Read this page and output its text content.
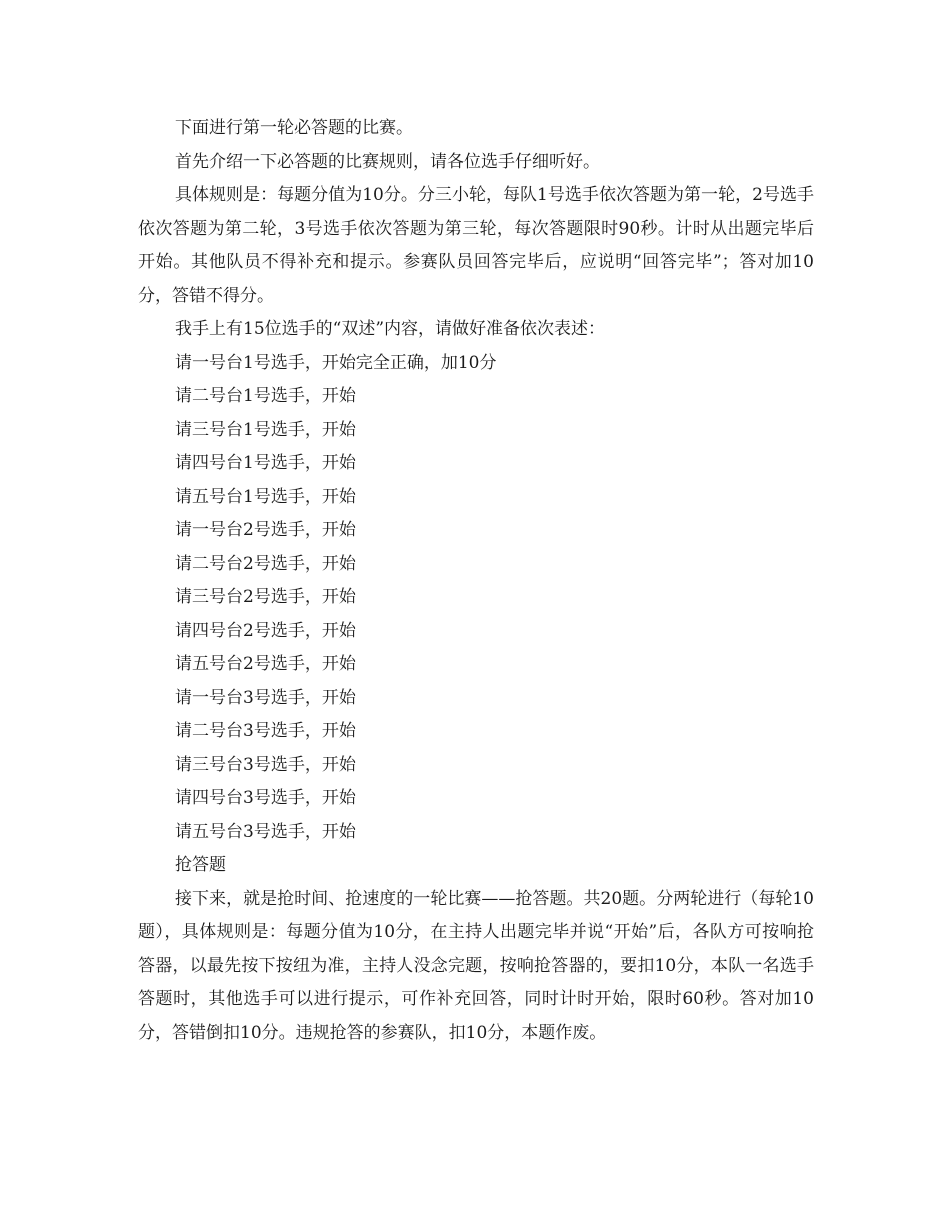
下面进行第一轮必答题的比赛。

首先介绍一下必答题的比赛规则，请各位选手仔细听好。

具体规则是：每题分值为10分。分三小轮，每队1号选手依次答题为第一轮，2号选手依次答题为第二轮，3号选手依次答题为第三轮，每次答题限时90秒。计时从出题完毕后开始。其他队员不得补充和提示。参赛队员回答完毕后，应说明“回答完毕”；答对加10分，答错不得分。

我手上有15位选手的“双述”内容，请做好准备依次表述：

请一号台1号选手，开始完全正确，加10分

请二号台1号选手，开始

请三号台1号选手，开始

请四号台1号选手，开始

请五号台1号选手，开始

请一号台2号选手，开始

请二号台2号选手，开始

请三号台2号选手，开始

请四号台2号选手，开始

请五号台2号选手，开始

请一号台3号选手，开始

请二号台3号选手，开始

请三号台3号选手，开始

请四号台3号选手，开始

请五号台3号选手，开始

抢答题

接下来，就是抢时间、抢速度的一轮比赛——抢答题。共20题。分两轮进行（每轮10题），具体规则是：每题分值为10分，在主持人出题完毕并说“开始”后，各队方可按响抢答器，以最先按下按纽为准，主持人没念完题，按响抢答器的，要扣10分，本队一名选手答题时，其他选手可以进行提示，可作补充回答，同时计时开始，限时60秒。答对加10分，答错倒扣10分。违规抢答的参赛队，扣10分，本题作废。
